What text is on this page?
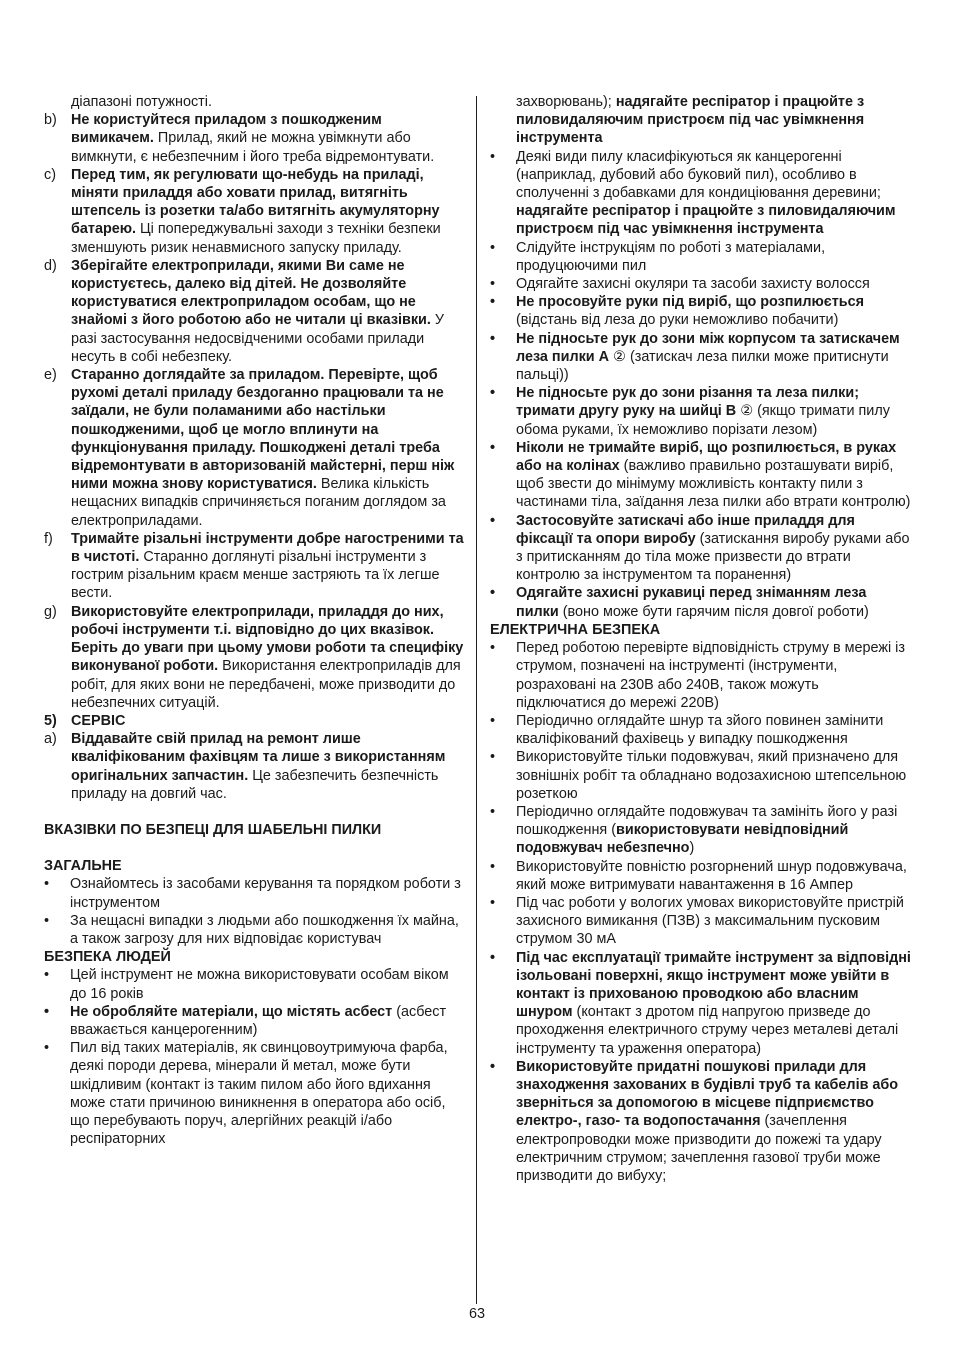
діапазоні потужності.
b) Не користуйтеся приладом з пошкодженим вимикачем. Прилад, який не можна увімкнути або вимкнути, є небезпечним і його треба відремонтувати.
c)	Перед тим, як регулювати що-небудь на приладі, міняти приладдя або ховати прилад, витягніть штепсель із розетки та/або витягніть акумуляторну батарею. Ці попереджувальні заходи з техніки безпеки зменшують ризик ненавмисного запуску приладу.
d) Зберігайте електроприлади, якими Ви саме не користуєтесь, далеко від дітей. Не дозволяйте користуватися електроприладом особам, що не знайомі з його роботою або не читали ці вказівки. У разі застосування недосвідченими особами прилади несуть в собі небезпеку.
e) Старанно доглядайте за приладом. Перевірте, щоб рухомі деталі приладу бездоганно працювали та не заїдали, не були поламаними або настільки пошкодженими, щоб це могло вплинути на функціонування приладу. Пошкоджені деталі треба відремонтувати в авторизованій майстерні, перш ніж ними можна знову користуватися. Велика кількість нещасних випадків спричиняється поганим доглядом за електроприладами.
f)	Тримайте різальні інструменти добре нагостреними та в чистоті. Старанно доглянуті різальні інструменти з гострим різальним краєм менше застряють та їх легше вести.
g) Використовуйте електроприлади, приладдя до них, робочі інструменти т.і. відповідно до цих вказівок. Беріть до уваги при цьому умови роботи та специфіку виконуваної роботи. Використання електроприладів для робіт, для яких вони не передбачені, може призводити до небезпечних ситуацій.
5) СЕРВІС
a) Віддавайте свій прилад на ремонт лише кваліфікованим фахівцям та лише з використанням оригінальних запчастин. Це забезпечить безпечність приладу на довгий час.
ВКАЗІВКИ ПО БЕЗПЕЦІ ДЛЯ ШАБЕЛЬНІ ПИЛКИ
ЗАГАЛЬНЕ
•	Ознайомтесь із засобами керування та порядком роботи з інструментом
•	За нещасні випадки з людьми або пошкодження їх майна, а також загрозу для них відповідає користувач
БЕЗПЕКА ЛЮДЕЙ
•	Цей інструмент не можна використовувати особам віком до 16 років
•	Не обробляйте матеріали, що містять асбест (асбест вважається канцерогенним)
•	Пил від таких матеріалів, як свинцовоутримуюча фарба, деякі породи дерева, мінерали й метал, може бути шкідливим (контакт із таким пилом або його вдихання може стати причиною виникнення в оператора або осіб, що перебувають поруч, алергійних реакцій і/або респіраторних
захворювань); надягайте респіратор і працюйте з пиловидаляючим пристроєм під час увімкнення інструмента
•	Деякі види пилу класифікуються як канцерогенні (наприклад, дубовий або буковий пил), особливо в сполученні з добавками для кондиціювання деревини; надягайте респіратор і працюйте з пиловидаляючим пристроєм під час увімкнення інструмента
•	Слідуйте інструкціям по роботі з матеріалами, продуцюючими пил
•	Одягайте захисні окуляри та засоби захисту волосся
•	Не просовуйте руки під виріб, що розпилюється (відстань від леза до руки неможливо побачити)
•	Не підносьте рук до зони між корпусом та затискачем леза пилки A ② (затискач леза пилки може притиснути пальці))
•	Не підносьте рук до зони різання та леза пилки; тримати другу руку на шийці B ② (якщо тримати пилу обома руками, їх неможливо порізати лезом)
•	Ніколи не тримайте виріб, що розпилюється, в руках або на колінах (важливо правильно розташувати виріб, щоб звести до мінімуму можливість контакту пили з частинами тіла, заїдання леза пилки або втрати контролю)
•	Застосовуйте затискачі або інше приладдя для фіксації та опори виробу (затискання виробу руками або з притисканням до тіла може призвести до втрати контролю за інструментом та поранення)
•	Одягайте захисні рукавиці перед зніманням леза пилки (воно може бути гарячим після довгої роботи)
ЕЛЕКТРИЧНА БЕЗПЕКА
•	Перед роботою перевірте відповідність струму в мережі із струмом, позначені на інструменті (інструменти, розраховані на 230В або 240В, також можуть підключатися до мережі 220В)
•	Періодично оглядайте шнур та зйого повинен замінити кваліфікований фахівець у випадку пошкодження
•	Використовуйте тільки подовжувач, який призначено для зовнішніх робіт та обладнано водозахисною штепсельною розеткою
•	Періодично оглядайте подовжувач та замініть його у разі пошкодження (використовувати невідповідний подовжувач небезпечно)
•	Використовуйте повністю розгорнений шнур подовжувача, який може витримувати навантаження в 16 Ампер
•	Під час роботи у вологих умовах використовуйте пристрій захисного вимикання (ПЗВ) з максимальним пусковим струмом 30 мА
•	Під час експлуатації тримайте інструмент за відповідні ізольовані поверхні, якщо інструмент може увійти в контакт із прихованою проводкою або власним шнуром (контакт з дротом під напругою призведе до проходження електричного струму через металеві деталі інструменту та ураження оператора)
•	Використовуйте придатні пошукові прилади для знаходження захованих в будівлі труб та кабелів або зверніться за допомогою в місцеве підприємство електро-, газо- та водопостачання (зачеплення електропроводки може призводити до пожежі та удару електричним струмом; зачеплення газової труби може призводити до вибуху;
63
